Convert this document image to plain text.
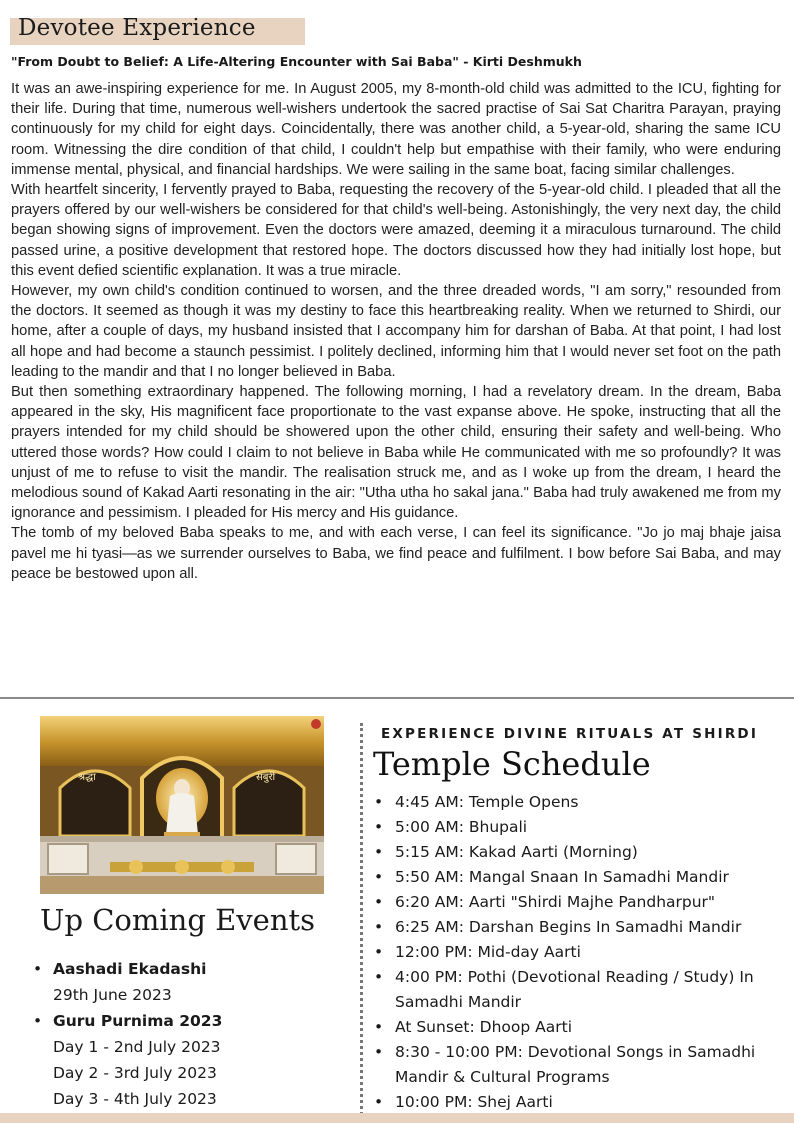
Devotee Experience
"From Doubt to Belief: A Life-Altering Encounter with Sai Baba" - Kirti Deshmukh

It was an awe-inspiring experience for me. In August 2005, my 8-month-old child was admitted to the ICU, fighting for their life. During that time, numerous well-wishers undertook the sacred practise of Sai Sat Charitra Parayan, praying continuously for my child for eight days. Coincidentally, there was another child, a 5-year-old, sharing the same ICU room. Witnessing the dire condition of that child, I couldn't help but empathise with their family, who were enduring immense mental, physical, and financial hardships. We were sailing in the same boat, facing similar challenges.

With heartfelt sincerity, I fervently prayed to Baba, requesting the recovery of the 5-year-old child. I pleaded that all the prayers offered by our well-wishers be considered for that child's well-being. Astonishingly, the very next day, the child began showing signs of improvement. Even the doctors were amazed, deeming it a miraculous turnaround. The child passed urine, a positive development that restored hope. The doctors discussed how they had initially lost hope, but this event defied scientific explanation. It was a true miracle.

However, my own child's condition continued to worsen, and the three dreaded words, "I am sorry," resounded from the doctors. It seemed as though it was my destiny to face this heartbreaking reality. When we returned to Shirdi, our home, after a couple of days, my husband insisted that I accompany him for darshan of Baba. At that point, I had lost all hope and had become a staunch pessimist. I politely declined, informing him that I would never set foot on the path leading to the mandir and that I no longer believed in Baba.

But then something extraordinary happened. The following morning, I had a revelatory dream. In the dream, Baba appeared in the sky, His magnificent face proportionate to the vast expanse above. He spoke, instructing that all the prayers intended for my child should be showered upon the other child, ensuring their safety and well-being. Who uttered those words? How could I claim to not believe in Baba while He communicated with me so profoundly? It was unjust of me to refuse to visit the mandir. The realisation struck me, and as I woke up from the dream, I heard the melodious sound of Kakad Aarti resonating in the air: "Utha utha ho sakal jana." Baba had truly awakened me from my ignorance and pessimism. I pleaded for His mercy and His guidance.

The tomb of my beloved Baba speaks to me, and with each verse, I can feel its significance. "Jo jo maj bhaje jaisa pavel me hi tyasi—as we surrender ourselves to Baba, we find peace and fulfilment. I bow before Sai Baba, and may peace be bestowed upon all.

श्रद्धा	सबुरी
Up Coming Events
• Aashadi Ekadashi
29th June 2023
• Guru Purnima 2023
Day 1 - 2nd July 2023
Day 2 - 3rd July 2023
Day 3 - 4th July 2023
EXPERIENCE DIVINE RITUALS AT SHIRDI
Temple Schedule
• 4:45 AM: Temple Opens
• 5:00 AM: Bhupali
• 5:15 AM: Kakad Aarti (Morning)
• 5:50 AM: Mangal Snaan In Samadhi Mandir
• 6:20 AM: Aarti "Shirdi Majhe Pandharpur"
• 6:25 AM: Darshan Begins In Samadhi Mandir
• 12:00 PM: Mid-day Aarti
• 4:00 PM: Pothi (Devotional Reading / Study) In Samadhi Mandir
• At Sunset: Dhoop Aarti
• 8:30 - 10:00 PM: Devotional Songs in Samadhi Mandir & Cultural Programs
• 10:00 PM: Shej Aarti
